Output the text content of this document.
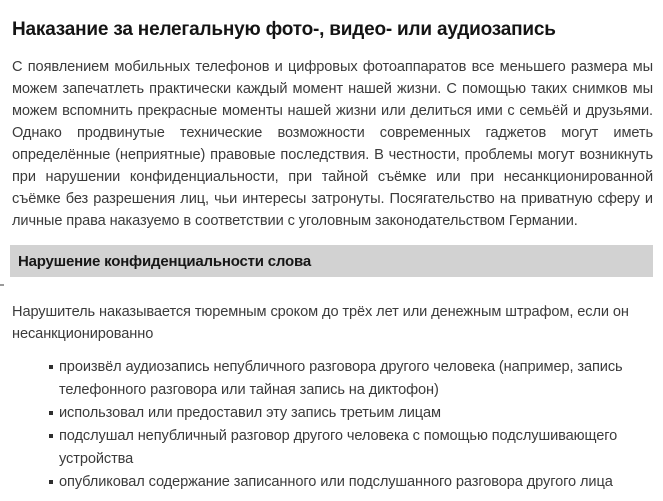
Наказание за нелегальную фото-, видео- или аудиозапись

С появлением мобильных телефонов и цифровых фотоаппаратов все меньшего размера мы можем запечатлеть практически каждый момент нашей жизни. С помощью таких снимков мы можем вспомнить прекрасные моменты нашей жизни или делиться ими с семьёй и друзьями. Однако продвинутые технические возможности современных гаджетов могут иметь определённые (неприятные) правовые последствия. В честности, проблемы могут возникнуть при нарушении конфиденциальности, при тайной съёмке или при несанкционированной съёмке без разрешения лиц, чьи интересы затронуты. Посягательство на приватную сферу и личные права наказуемо в соответствии с уголовным законодательством Германии.

Нарушение конфиденциальности слова

Нарушитель наказывается тюремным сроком до трёх лет или денежным штрафом, если он несанкционированно

произвёл аудиозапись непубличного разговора другого человека (например, запись телефонного разговора или тайная запись на диктофон)
использовал или предоставил эту запись третьим лицам
подслушал непубличный разговор другого человека с помощью подслушивающего устройства
опубликовал содержание записанного или подслушанного разговора другого лица
